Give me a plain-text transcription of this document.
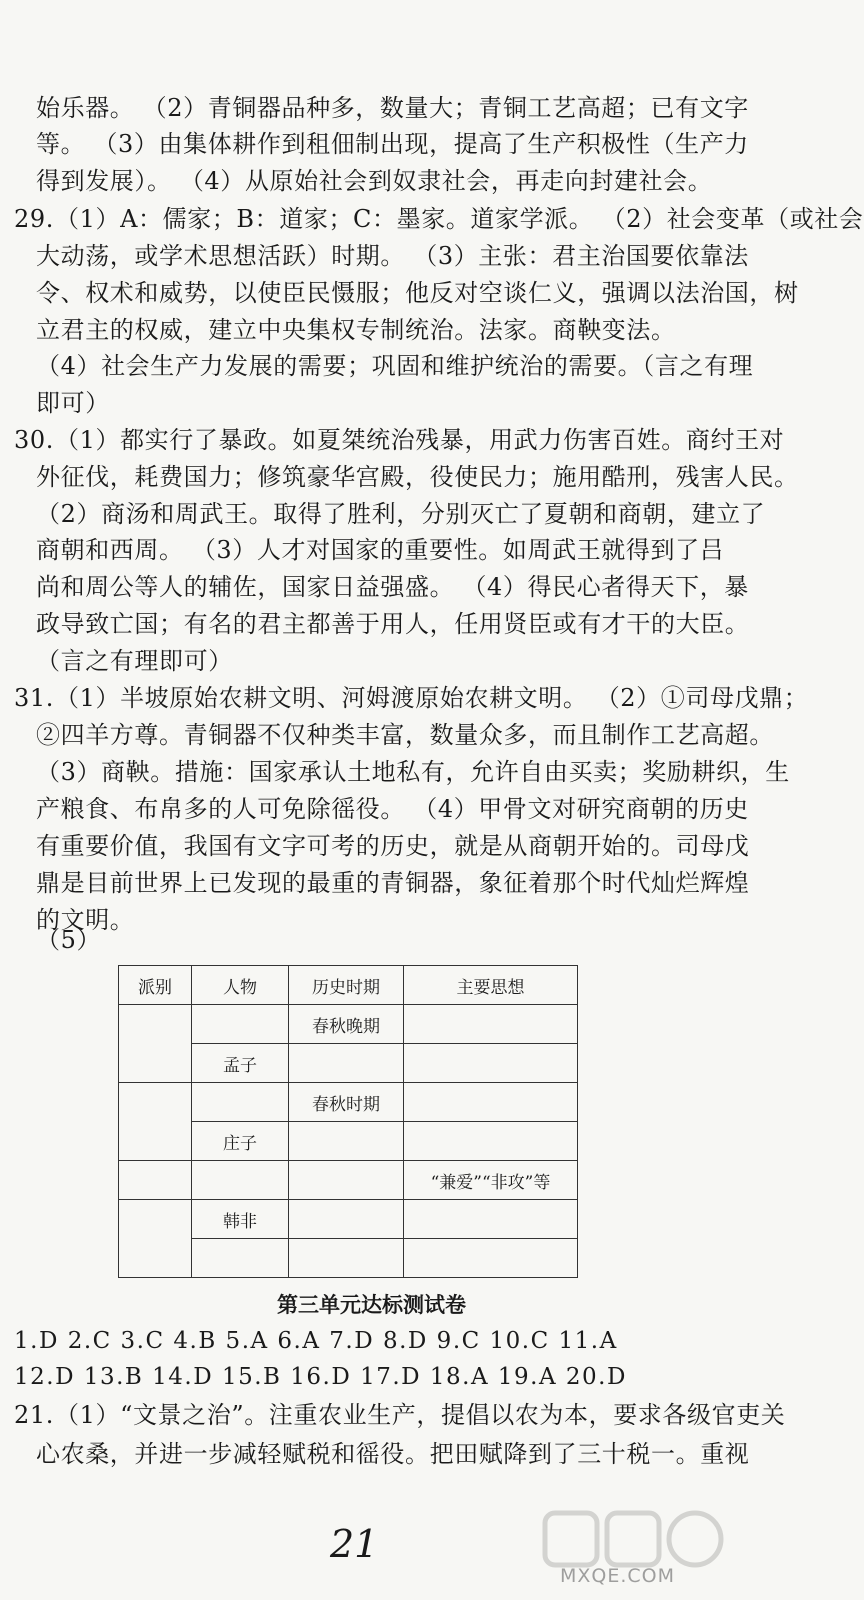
始乐器。 （2）青铜器品种多，数量大；青铜工艺高超；已有文字
等。 （3）由集体耕作到租佃制出现，提高了生产积极性（生产力
得到发展）。 （4）从原始社会到奴隶社会，再走向封建社会。
29. （1）A：儒家；B：道家；C：墨家。道家学派。 （2）社会变革（或社会
大动荡，或学术思想活跃）时期。 （3）主张：君主治国要依靠法
令、权术和威势，以使臣民慑服；他反对空谈仁义，强调以法治国，树
立君主的权威，建立中央集权专制统治。法家。商鞅变法。
（4）社会生产力发展的需要；巩固和维护统治的需要。（言之有理
即可）
30. （1）都实行了暴政。如夏桀统治残暴，用武力伤害百姓。商纣王对
外征伐，耗费国力；修筑豪华宫殿，役使民力；施用酷刑，残害人民。
（2）商汤和周武王。取得了胜利，分别灭亡了夏朝和商朝，建立了
商朝和西周。 （3）人才对国家的重要性。如周武王就得到了吕
尚和周公等人的辅佐，国家日益强盛。 （4）得民心者得天下，暴
政导致亡国；有名的君主都善于用人，任用贤臣或有才干的大臣。
（言之有理即可）
31. （1）半坡原始农耕文明、河姆渡原始农耕文明。 （2）①司母戊鼎；
②四羊方尊。青铜器不仅种类丰富，数量众多，而且制作工艺高超。
（3）商鞅。措施：国家承认土地私有，允许自由买卖；奖励耕织，生
产粮食、布帛多的人可免除徭役。 （4）甲骨文对研究商朝的历史
有重要价值，我国有文字可考的历史，就是从商朝开始的。司母戊
鼎是目前世界上已发现的最重的青铜器，象征着那个时代灿烂辉煌
的文明。
（5）
派别	人物	历史时期	主要思想
		春秋晚期	
	孟子		
		春秋时期	
	庄子		
			“兼爱”“非攻”等
	韩非		

第三单元达标测试卷
1.D 2.C 3.C 4.B 5.A 6.A 7.D 8.D 9.C 10.C 11.A
12.D 13.B 14.D 15.B 16.D 17.D 18.A 19.A 20.D
21. （1）“文景之治”。注重农业生产，提倡以农为本，要求各级官吏关
心农桑，并进一步减轻赋税和徭役。把田赋降到了三十税一。重视
21
MXQE.COM
